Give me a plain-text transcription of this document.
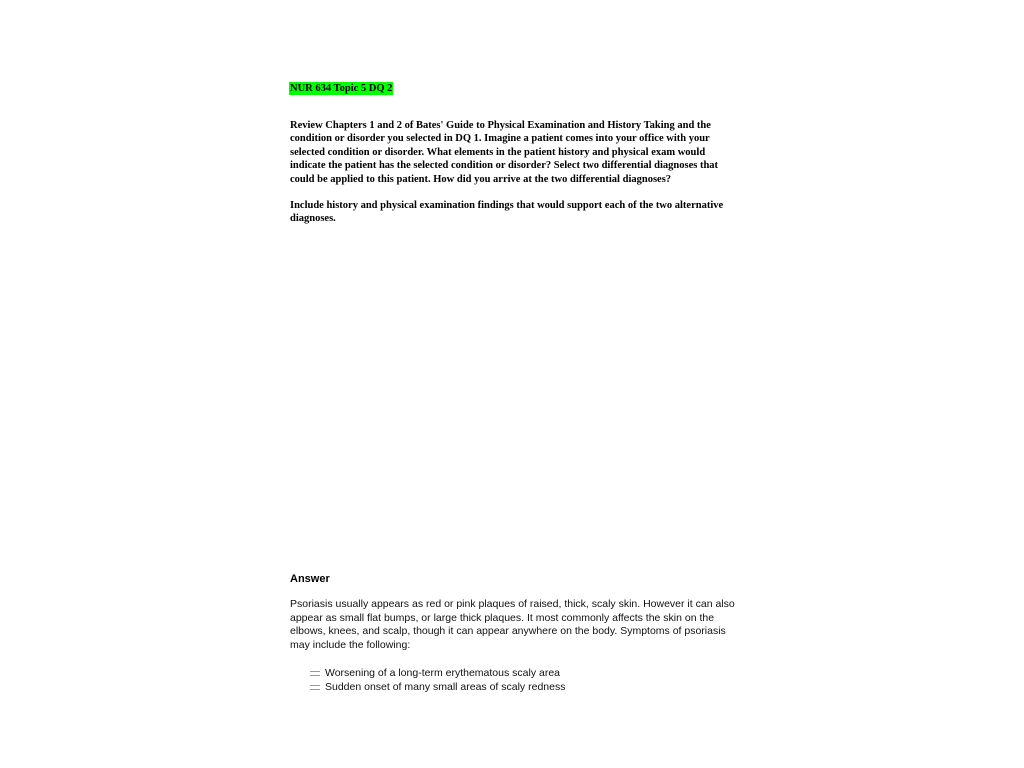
NUR 634 Topic 5 DQ 2

Review Chapters 1 and 2 of Bates' Guide to Physical Examination and History Taking and the condition or disorder you selected in DQ 1. Imagine a patient comes into your office with your selected condition or disorder. What elements in the patient history and physical exam would indicate the patient has the selected condition or disorder? Select two differential diagnoses that could be applied to this patient. How did you arrive at the two differential diagnoses?

Include history and physical examination findings that would support each of the two alternative diagnoses.

Answer

Psoriasis usually appears as red or pink plaques of raised, thick, scaly skin. However it can also appear as small flat bumps, or large thick plaques. It most commonly affects the skin on the elbows, knees, and scalp, though it can appear anywhere on the body. Symptoms of psoriasis may include the following:

Worsening of a long-term erythematous scaly area
Sudden onset of many small areas of scaly redness
